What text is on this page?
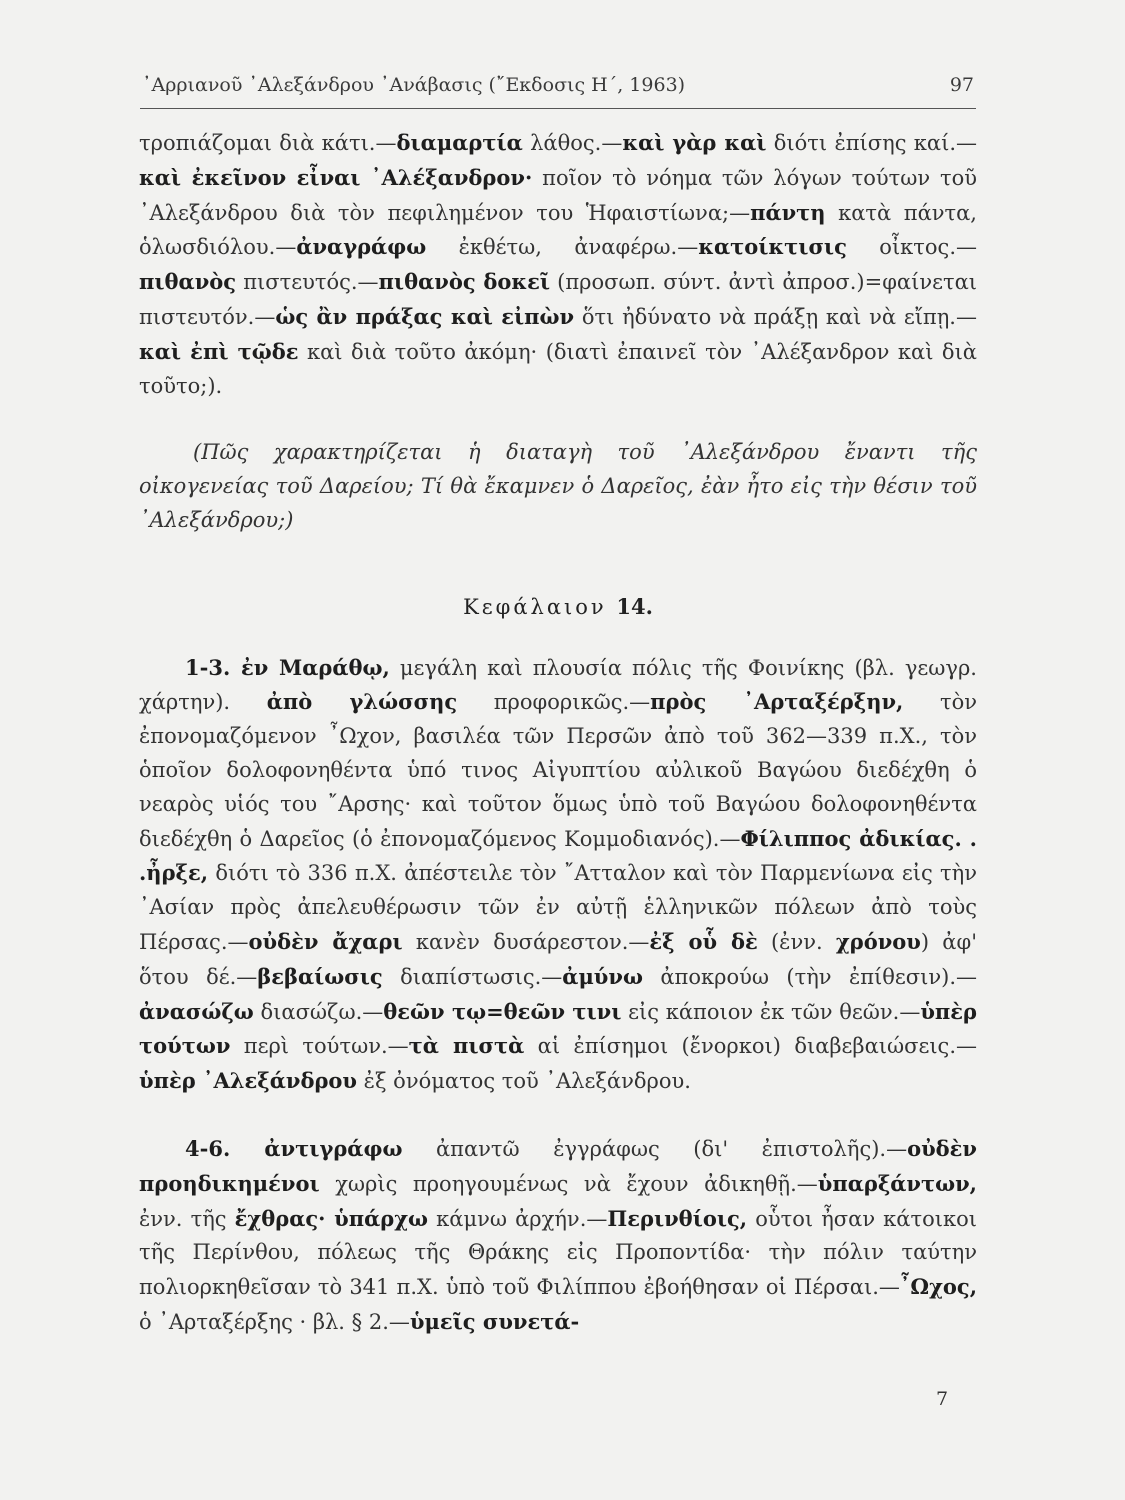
᾽Αρριανοῦ ᾽Αλεξάνδρου ᾽Ανάβασις (῎Εκδοσις Η΄, 1963)	97

τροπιάζομαι διὰ κάτι.—διαμαρτία λάθος.—καὶ γὰρ καὶ διότι ἐπίσης καί.—καὶ ἐκεῖνον εἶναι ᾽Αλέξανδρον· ποῖον τὸ νόημα τῶν λόγων τούτων τοῦ ᾽Αλεξάνδρου διὰ τὸν πεφιλημένον του Ἡφαιστίωνα;—πάντη κατὰ πάντα, ὁλωσδιόλου.—ἀναγράφω ἐκθέτω, ἀναφέρω.—κατοίκτισις οἶκτος.—πιθανὸς πιστευτός.—πιθανὸς δοκεῖ (προσωπ. σύντ. ἀντὶ ἀπροσ.)=φαίνεται πιστευτόν.—ὡς ἂν πράξας καὶ εἰπὼν ὅτι ἠδύνατο νὰ πράξῃ καὶ νὰ εἴπῃ.—καὶ ἐπὶ τῷδε καὶ διὰ τοῦτο ἀκόμη· (διατὶ ἐπαινεῖ τὸν ᾽Αλέξανδρον καὶ διὰ τοῦτο;).

(Πῶς χαρακτηρίζεται ἡ διαταγὴ τοῦ ᾽Αλεξάνδρου ἔναντι τῆς οἰκογενείας τοῦ Δαρείου; Τί θὰ ἔκαμνεν ὁ Δαρεῖος, ἐὰν ἦτο εἰς τὴν θέσιν τοῦ ᾽Αλεξάνδρου;)

Κεφάλαιον 14.

1-3. ἐν Μαράθῳ, μεγάλη καὶ πλουσία πόλις τῆς Φοινίκης (βλ. γεωγρ. χάρτην). ἀπὸ γλώσσης προφορικῶς.—πρὸς ᾽Αρταξέρξην, τὸν ἐπονομαζόμενον ῏Ωχον, βασιλέα τῶν Περσῶν ἀπὸ τοῦ 362—339 π.Χ., τὸν ὁποῖον δολοφονηθέντα ὑπό τινος Αἰγυπτίου αὐλικοῦ Βαγώου διεδέχθη ὁ νεαρὸς υἱός του ῎Αρσης· καὶ τοῦτον ὅμως ὑπὸ τοῦ Βαγώου δολοφονηθέντα διεδέχθη ὁ Δαρεῖος (ὁ ἐπονομαζόμενος Κομμοδιανός).—Φίλιππος ἀδικίας. . .ἦρξε, διότι τὸ 336 π.Χ. ἀπέστειλε τὸν ῎Ατταλον καὶ τὸν Παρμενίωνα εἰς τὴν ᾽Ασίαν πρὸς ἀπελευθέρωσιν τῶν ἐν αὐτῇ ἑλληνικῶν πόλεων ἀπὸ τοὺς Πέρσας.—οὐδὲν ἄχαρι κανὲν δυσάρεστον.—ἐξ οὗ δὲ (ἐνν. χρόνου) ἀφ' ὅτου δέ.—βεβαίωσις διαπίστωσις.—ἀμύνω ἀποκρούω (τὴν ἐπίθεσιν).—ἀνασώζω διασώζω.—θεῶν τῳ=θεῶν τινι εἰς κάποιον ἐκ τῶν θεῶν.—ὑπὲρ τούτων περὶ τούτων.—τὰ πιστὰ αἱ ἐπίσημοι (ἔνορκοι) διαβεβαιώσεις.—ὑπὲρ ᾽Αλεξάνδρου ἐξ ὀνόματος τοῦ ᾽Αλεξάνδρου.

4-6. ἀντιγράφω ἀπαντῶ ἐγγράφως (δι' ἐπιστολῆς).—οὐδὲν προηδικημένοι χωρὶς προηγουμένως νὰ ἔχουν ἀδικηθῇ.—ὑπαρξάντων, ἐνν. τῆς ἔχθρας· ὑπάρχω κάμνω ἀρχήν.—Περινθίοις, οὗτοι ἦσαν κάτοικοι τῆς Περίνθου, πόλεως τῆς Θράκης εἰς Προποντίδα· τὴν πόλιν ταύτην πολιορκηθεῖσαν τὸ 341 π.Χ. ὑπὸ τοῦ Φιλίππου ἐβοήθησαν οἱ Πέρσαι.—῏Ωχος, ὁ ᾽Αρταξέρξης · βλ. § 2.—ὑμεῖς συνετά-

7
